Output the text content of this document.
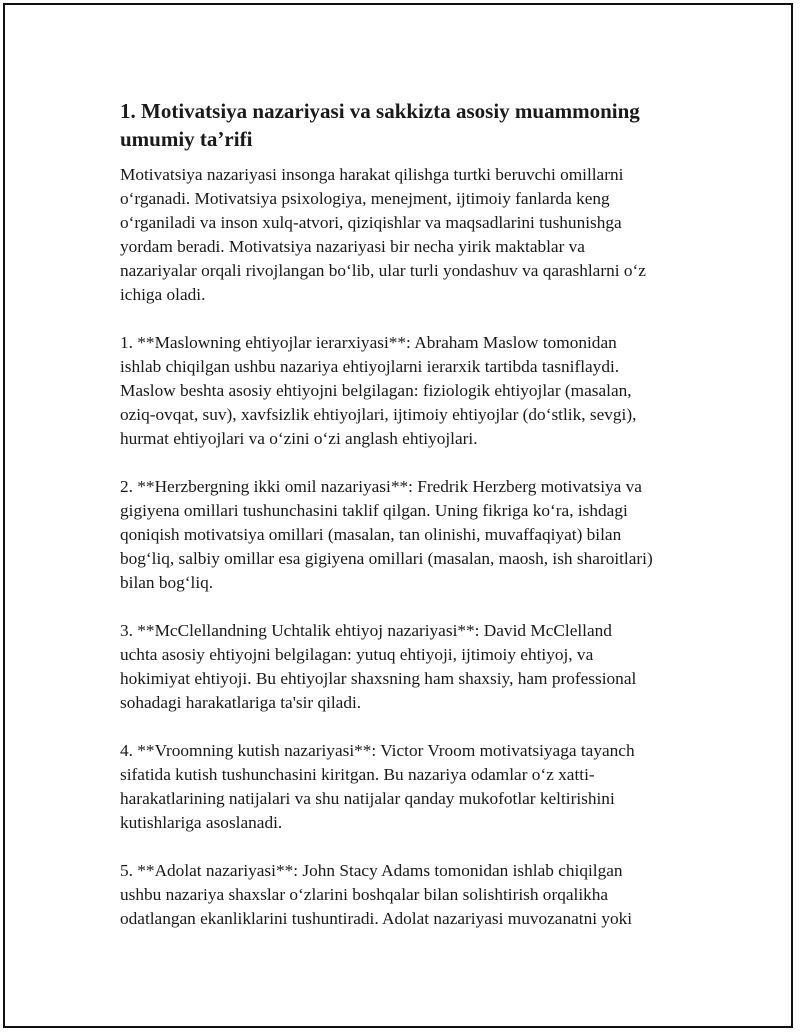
1. Motivatsiya nazariyasi va sakkizta asosiy muammoning
umumiy ta’rifi

Motivatsiya nazariyasi insonga harakat qilishga turtki beruvchi omillarni
o‘rganadi. Motivatsiya psixologiya, menejment, ijtimoiy fanlarda keng
o‘rganiladi va inson xulq-atvori, qiziqishlar va maqsadlarini tushunishga
yordam beradi. Motivatsiya nazariyasi bir necha yirik maktablar va
nazariyalar orqali rivojlangan bo‘lib, ular turli yondashuv va qarashlarni o‘z
ichiga oladi.

1. **Maslowning ehtiyojlar ierarxiyasi**: Abraham Maslow tomonidan
ishlab chiqilgan ushbu nazariya ehtiyojlarni ierarxik tartibda tasniflaydi.
Maslow beshta asosiy ehtiyojni belgilagan: fiziologik ehtiyojlar (masalan,
oziq-ovqat, suv), xavfsizlik ehtiyojlari, ijtimoiy ehtiyojlar (do‘stlik, sevgi),
hurmat ehtiyojlari va o‘zini o‘zi anglash ehtiyojlari.

2. **Herzbergning ikki omil nazariyasi**: Fredrik Herzberg motivatsiya va
gigiyena omillari tushunchasini taklif qilgan. Uning fikriga ko‘ra, ishdagi
qoniqish motivatsiya omillari (masalan, tan olinishi, muvaffaqiyat) bilan
bog‘liq, salbiy omillar esa gigiyena omillari (masalan, maosh, ish sharoitlari)
bilan bog‘liq.

3. **McClellandning Uchtalik ehtiyoj nazariyasi**: David McClelland
uchta asosiy ehtiyojni belgilagan: yutuq ehtiyoji, ijtimoiy ehtiyoj, va
hokimiyat ehtiyoji. Bu ehtiyojlar shaxsning ham shaxsiy, ham professional
sohadagi harakatlariga ta'sir qiladi.

4. **Vroomning kutish nazariyasi**: Victor Vroom motivatsiyaga tayanch
sifatida kutish tushunchasini kiritgan. Bu nazariya odamlar o‘z xatti-
harakatlarining natijalari va shu natijalar qanday mukofotlar keltirishini
kutishlariga asoslanadi.

5. **Adolat nazariyasi**: John Stacy Adams tomonidan ishlab chiqilgan
ushbu nazariya shaxslar o‘zlarini boshqalar bilan solishtirish orqalikha
odatlangan ekanliklarini tushuntiradi. Adolat nazariyasi muvozanatni yoki
